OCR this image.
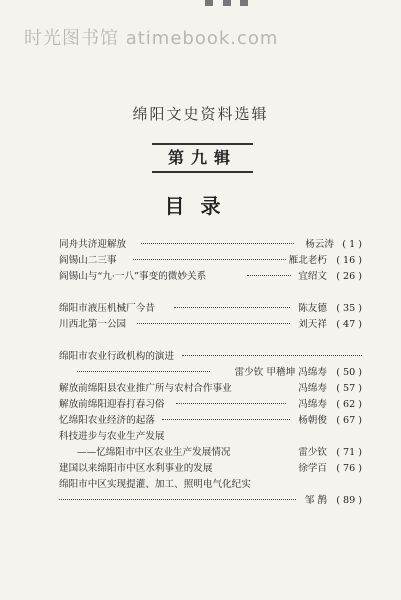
时光图书馆 atimebook.com
绵阳文史资料选辑
第九辑
目录
同舟共济迎解放	杨云涛 ( 1 )
阎锡山二三事	雁北老朽 ( 16 )
阎锡山与“九·一八”事变的微妙关系	宜绍文 ( 26 )
绵阳市液压机械厂今昔	陈友德 ( 35 )
川西北第一公园	刘天祥 ( 47 )
绵阳市农业行政机构的演进
雷少钦 甲稽坤 冯绵寿 ( 50 )
解放前绵阳县农业推广所与农村合作事业	冯绵寿 ( 57 )
解放前绵阳迎春打春习俗	冯绵寿 ( 62 )
忆绵阳农业经济的起落	杨朝俊 ( 67 )
科技进步与农业生产发展
——忆绵阳市中区农业生产发展情况	雷少钦 ( 71 )
建国以来绵阳市中区水利事业的发展	徐学百 ( 76 )
绵阳市中区实现提灌、加工、照明电气化纪实
邹 鹊 ( 89 )
